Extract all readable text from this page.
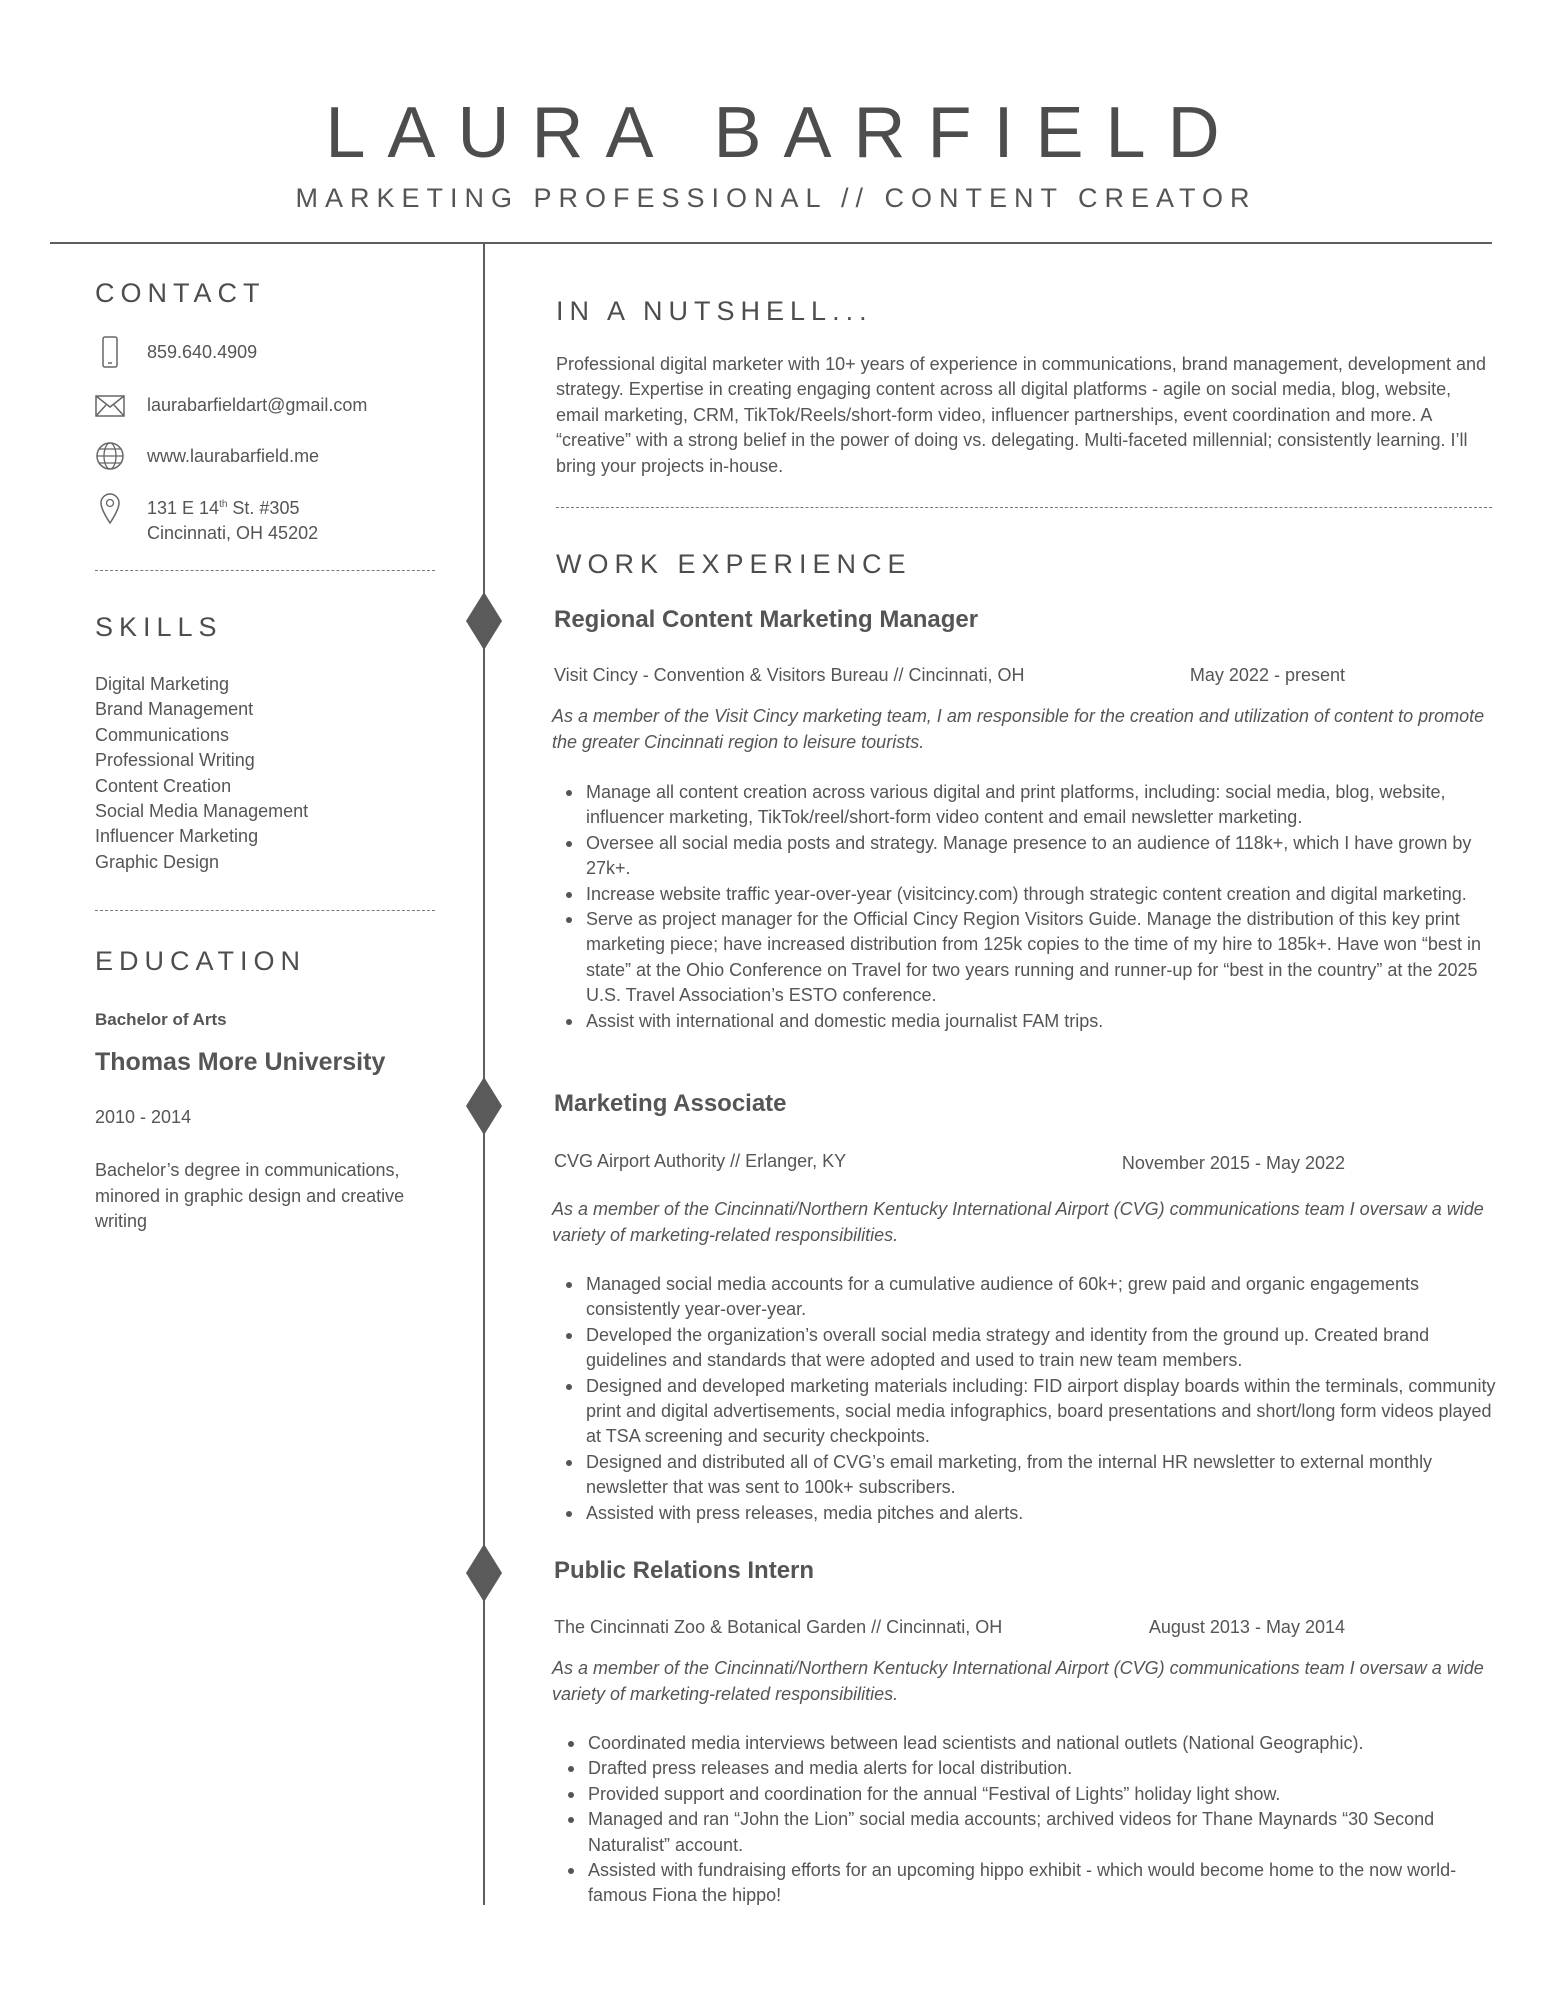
LAURA BARFIELD
MARKETING PROFESSIONAL // CONTENT CREATOR
CONTACT
859.640.4909
laurabarfieldart@gmail.com
www.laurabarfield.me
131 E 14th St. #305
Cincinnati, OH 45202
SKILLS
Digital Marketing
Brand Management
Communications
Professional Writing
Content Creation
Social Media Management
Influencer Marketing
Graphic Design
EDUCATION
Bachelor of Arts
Thomas More University
2010 - 2014
Bachelor’s degree in communications, minored in graphic design and creative writing
IN A NUTSHELL...
Professional digital marketer with 10+ years of experience in communications, brand management, development and strategy. Expertise in creating engaging content across all digital platforms - agile on social media, blog, website, email marketing, CRM, TikTok/Reels/short-form video, influencer partnerships, event coordination and more. A “creative” with a strong belief in the power of doing vs. delegating. Multi-faceted millennial; consistently learning. I’ll bring your projects in-house.
WORK EXPERIENCE
Regional Content Marketing Manager
Visit Cincy - Convention & Visitors Bureau // Cincinnati, OH	May 2022 - present
As a member of the Visit Cincy marketing team, I am responsible for the creation and utilization of content to promote the greater Cincinnati region to leisure tourists.
Manage all content creation across various digital and print platforms, including: social media, blog, website, influencer marketing, TikTok/reel/short-form video content and email newsletter marketing.
Oversee all social media posts and strategy. Manage presence to an audience of 118k+, which I have grown by 27k+.
Increase website traffic year-over-year (visitcincy.com) through strategic content creation and digital marketing.
Serve as project manager for the Official Cincy Region Visitors Guide. Manage the distribution of this key print marketing piece; have increased distribution from 125k copies to the time of my hire to 185k+. Have won “best in state” at the Ohio Conference on Travel for two years running and runner-up for “best in the country” at the 2025 U.S. Travel Association’s ESTO conference.
Assist with international and domestic media journalist FAM trips.
Marketing Associate
CVG Airport Authority // Erlanger, KY	November 2015 - May 2022
As a member of the Cincinnati/Northern Kentucky International Airport (CVG) communications team I oversaw a wide variety of marketing-related responsibilities.
Managed social media accounts for a cumulative audience of 60k+; grew paid and organic engagements consistently year-over-year.
Developed the organization’s overall social media strategy and identity from the ground up. Created brand guidelines and standards that were adopted and used to train new team members.
Designed and developed marketing materials including: FID airport display boards within the terminals, community print and digital advertisements, social media infographics, board presentations and short/long form videos played at TSA screening and security checkpoints.
Designed and distributed all of CVG’s email marketing, from the internal HR newsletter to external monthly newsletter that was sent to 100k+ subscribers.
Assisted with press releases, media pitches and alerts.
Public Relations Intern
The Cincinnati Zoo & Botanical Garden // Cincinnati, OH	August 2013 - May 2014
As a member of the Cincinnati/Northern Kentucky International Airport (CVG) communications team I oversaw a wide variety of marketing-related responsibilities.
Coordinated media interviews between lead scientists and national outlets (National Geographic).
Drafted press releases and media alerts for local distribution.
Provided support and coordination for the annual “Festival of Lights” holiday light show.
Managed and ran “John the Lion” social media accounts; archived videos for Thane Maynards “30 Second Naturalist” account.
Assisted with fundraising efforts for an upcoming hippo exhibit - which would become home to the now world-famous Fiona the hippo!
